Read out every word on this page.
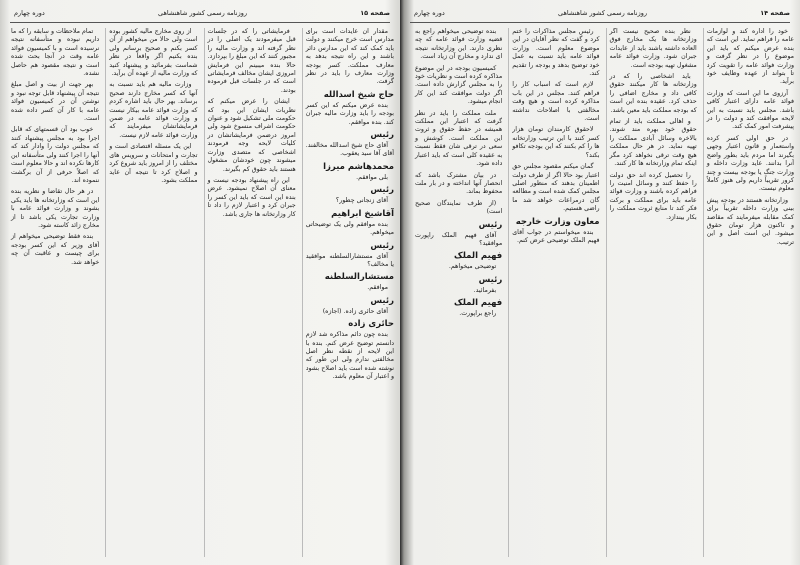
صفحه ۱۵
روزنامه رسمی کشور شاهنشاهی
دوره چهارم

مقدار آن عایدات است برای مدارس است خرج میکنند و دولت باید کمک کند که این مدارس دائر باشند و این راه نتیجه بدهد به معارف مملکت. کسر بودجه وزارت معارف را باید در نظر گرفت.

حاج شیخ اسدالله

بنده عرض میکنم که این کسر بودجه را باید وزارت مالیه جبران کند. بنده موافقم.

رئیس

آقای حاج شیخ اسدالله مخالفند. آقای آقا سید یعقوب.

محمدهاشم میرزا

بلی موافقم.

رئیس

آقای زنجانی چطور؟

آقاشیخ ابراهیم

بنده موافقم ولی یک توضیحاتی میخواهم.

رئیس

آقای مستشارالسلطنه موافقید یا مخالف؟

مستشارالسلطنه

موافقم.

رئیس

آقای حائری زاده. (اجازه)

حائری زاده

بنده چون دائم مذاکره شد لازم دانستم توضیح عرض کنم. بنده با این لایحه از نقطه نظر اصل مخالفتی ندارم ولی این طور که نوشته شده است باید اصلاح بشود و اعتبار آن معلوم باشد.

فرمایشاتی را که در جلسات قبل میفرمودند یک اصلی را در نظر گرفته اند و وزارت مالیه را مجبور کنند که این مبلغ را بپردازد. حالا بنده میبینم این فرمایش امروزی ایشان مخالف فرمایشاتی است که در جلسات قبل فرموده بودند.

ایشان را عرض میکنم که نظریات ایشان این بود که حکومت ملی تشکیل شود و عنوان حکومت اشراف منسوخ شود ولی امروز درضمن فرمایشاتشان در کلیات لایحه وجه فرمودند اشخاصی که متصدی وزارت میشوند چون خودشان مشغول هستند باید حقوق کم بگیرند.

این راه پیشنهاد بودجه نیست و معنای آن اصلاح نمیشود. عرض بنده این است که باید این کسر را جبران کرد و اعتبار لازم را داد تا کار وزارتخانه ها جاری باشد.

از روی مخارج مالیه کشور بوده است ولی حالا من میخواهم از آن کسر بکنم و صحیح برسانم ولی بنده بکنیم اگر واقعاً در نظر شماست بفرمائید و پیشنهاد کنید که وزارت مالیه از عهده آن برآید.

وزارت مالیه هم باید نسبت به آنها که کسر مخارج دارند صحیح برساند. بهر حال باید اشاره کردم که وزارت فوائد عامه بیکار نیست و وزارت فوائد عامه در ضمن فرمایشاتشان میفرمایند که وزارت فوائد عامه لازم نیست.

این یک مسئله اقتصادی است و تجارت و امتحانات و سرویس های مختلف را از امروز باید شروع کرد و اصلاح کرد تا نتیجه آن عاید مملکت بشود.

تمام ملاحظات و سابقه را که ما داریم نبوده و متأسفانه نتیجه نرسیده است و با کمیسیون فوائد عامه وقت در آنجا بحث شده است و نتیجه مقصود هم حاصل نشده.

بهر جهت از بیت و اصل مبلغ نتیجه آن پیشنهاد قابل توجه نبود و نوشتن آن در کمیسیون فوائد عامه با کار آن کسر داده شده است.

خوب بود آن قسمتهای که قابل اجرا بود به مجلس پیشنهاد کنند که مجلس دولت را وادار کند که آنها را اجرا کنند ولی متأسفانه این کارها نکرده اند و حالا معلوم است که اصلاً حرفی از آن برگشت ننموده اند.

در هر حال تقاضا و نظریه بنده این است که وزارتخانه ها باید یکی بشوند و وزارت فوائد عامه با وزارت تجارت یکی باشد تا از مخارج زائد کاسته شود.

بنده فقط توضیحی میخواهم از آقای وزیر که این کسر بودجه برای چیست و عاقبت آن چه خواهد شد.

صفحه ۱۴
روزنامه رسمی کشور شاهنشاهی
دوره چهارم

خود را اداره کند و لوازمات عامه را فراهم نماید. این است که بنده عرض میکنم که باید این موضوع را در نظر گرفت و وزارت فوائد عامه را تقویت کرد تا بتواند از عهده وظایف خود برآید.

آرزوی ما این است که وزارت فوائد عامه دارای اعتبار کافی باشد. مجلس باید نسبت به این لایحه موافقت کند و دولت را در پیشرفت امور کمک کند.

در حق اولی کسر کرده واستعمار و قانون اعتبار وجهی بگیرند اما مردم باید بطور واضح آنرا بدانند. عاید وزارت داخله و وزارت جنگ یا بودجه بیست و چند کرور تقریباً داریم ولی هنوز کاملاً معلوم نیست.

وزارتخانه هستند در بودجه پیش بینی وزارت داخله تقریباً برای کمک مقابله میفرمایند که مقاصد و تاکنون هزار تومان حقوق میشود. این است اصل و این ترتیب.

نظر بنده صحیح نیست اگر وزارتخانه ها یک مخارج فوق العاده داشته باشند باید از عایدات جبران شود. وزارت فوائد عامه مشغول تهیه بودجه است.

باید اشخاصی را که در وزارتخانه ها کار میکنند حقوق کافی داد و مخارج اضافی را حذف کرد. عقیده بنده این است که بودجه مملکت باید معین باشد.

و اهالی مملکت باید از تمام حقوق خود بهره مند شوند. بالاخره وسائل آبادی مملکت را تهیه نماید. در هر حال مملکت هیچ وقت ترقی نخواهد کرد مگر اینکه تمام وزارتخانه ها کار کنند.

را تحصیل کرده اند حق دولت را حفظ کنند و وسائل امنیت را فراهم کرده باشند و وزارت فوائد عامه باید برای مملکت و برکت فکر کند تا منابع ثروت مملکت را بکار بیندازد.

رئیس مجلس مذاکرات را ختم کرد و گفت که نظر آقایان در این موضوع معلوم است. وزارت فوائد عامه باید نسبت به عمل خود توضیح بدهد و بودجه را تقدیم کند.

لازم است که اسباب کار را فراهم کنند. مجلس در این باب مذاکره کرده است و هیچ وقت مخالفتی با اصلاحات نداشته است.

لاحقوق کارمندان تومان هزار کسر کنند با این ترتیب وزارتخانه ها را کم بکنند که این بودجه تکافو بکند؟

گمان میکنم مقصود مجلس حق اعتبار بود حالا اگر از طرف دولت اطمینان بدهند که منظور اصلی مجلس کمک شده است و مطالعه گان درمراعات خواهد شد ما راضی هستیم.

معاون وزارت خارجه

بنده میخواستم در جواب آقای فهیم الملک توضیحی عرض کنم.

بنده توضیحی میخواهم راجع به قضیه وزارت فوائد عامه که چه نظری دارند. این وزارتخانه نتیجه ای ندارد و مخارج آن زیاد است.

کمیسیون بودجه در این موضوع مذاکره کرده است و نظریات خود را به مجلس گزارش داده است. اگر دولت موافقت کند این کار انجام میشود.

ملت مملکت را باید در نظر گرفت که اعتبار این مملکت همیشه در حفظ حقوق و ثروت این مملکت است. کوشش و سعی در ترقی شان فقط نسبت به عقیده کلی است که باید اعتبار داده شود.

در بیان مشترک باشد که انحصار آنها انداخته و در بار ملت محفوظ بماند.

(از طرف نمایندگان صحیح است)

رئیس

آقای فهیم الملک راپورت موافقید؟

فهیم الملک

توضیحی میخواهم.

رئیس

بفرمائید.

فهیم الملک

راجع براپورت.
